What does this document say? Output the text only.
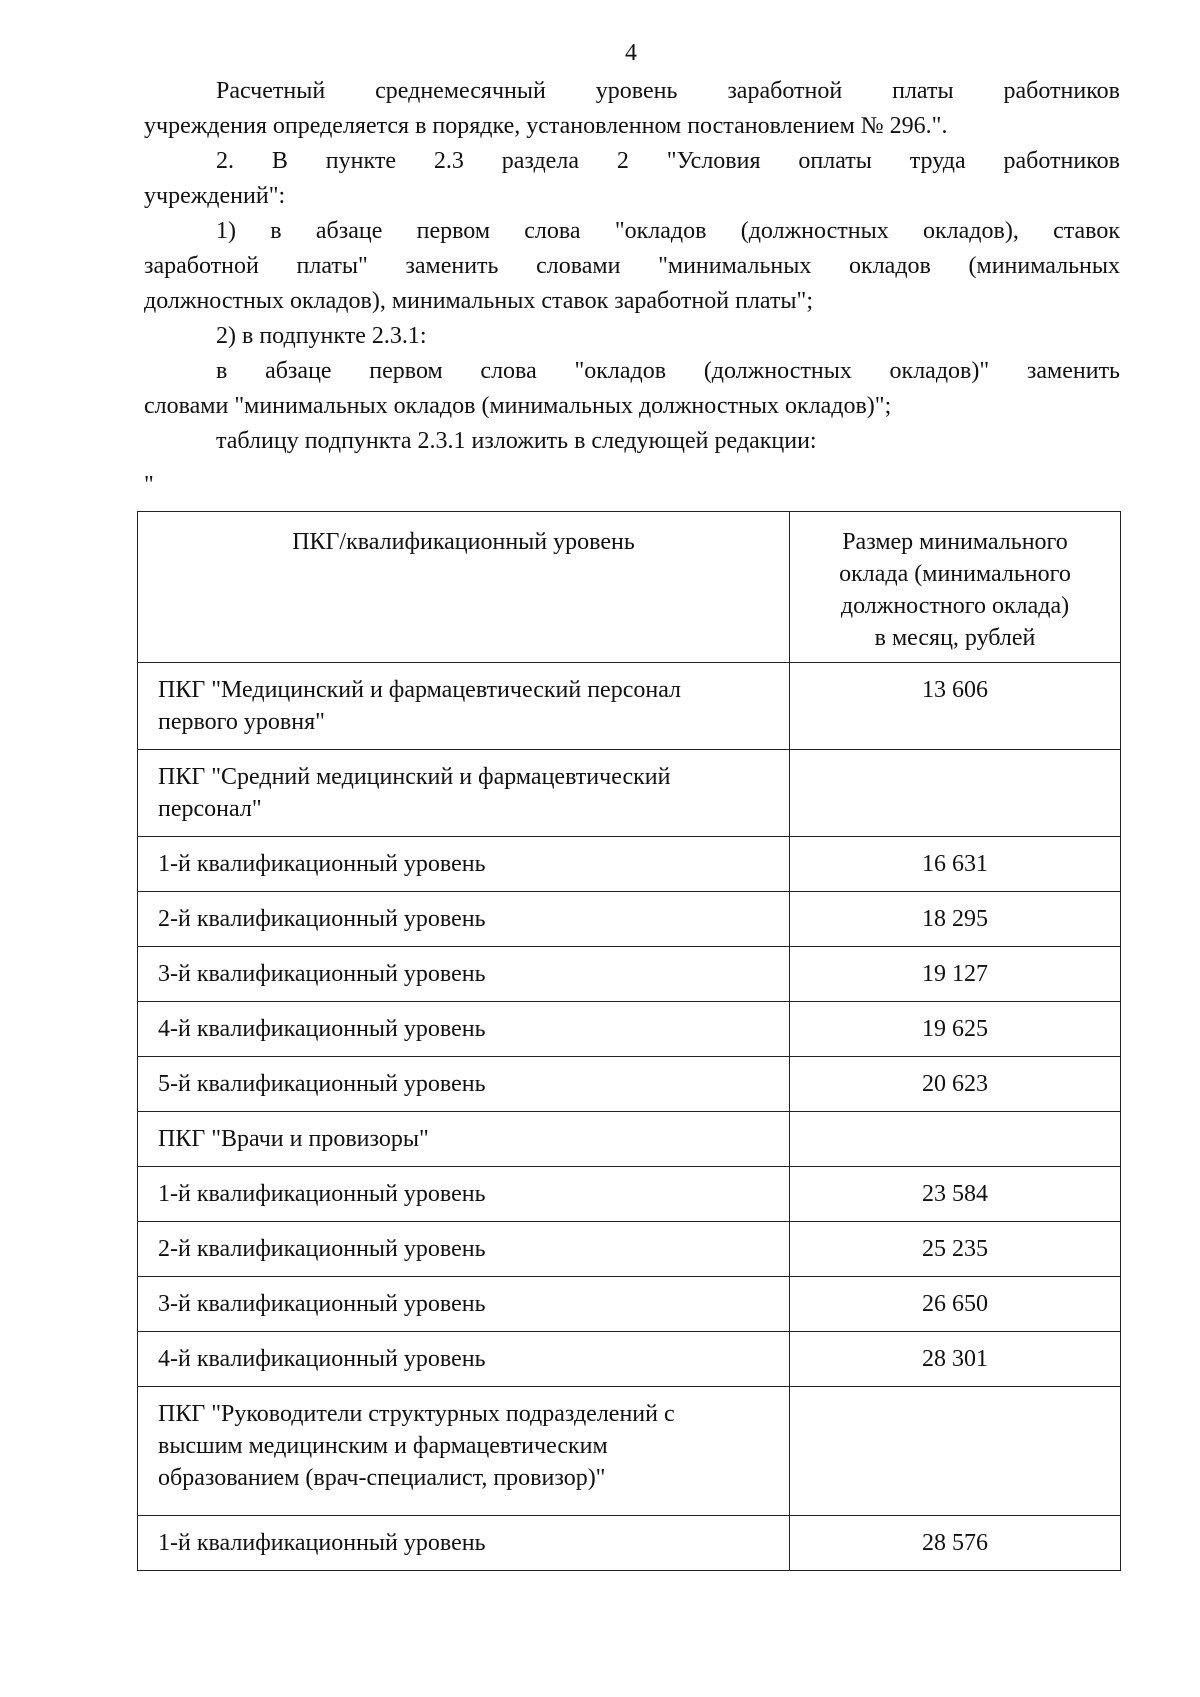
4
Расчетный среднемесячный уровень заработной платы работников
учреждения определяется в порядке, установленном постановлением № 296.".
2. В пункте 2.3 раздела 2 "Условия оплаты труда работников
учреждений":
1) в абзаце первом слова "окладов (должностных окладов), ставок
заработной платы" заменить словами "минимальных окладов (минимальных
должностных окладов), минимальных ставок заработной платы";
2) в подпункте 2.3.1:
в абзаце первом слова "окладов (должностных окладов)" заменить
словами "минимальных окладов (минимальных должностных окладов)";
таблицу подпункта 2.3.1 изложить в следующей редакции:
"
ПКГ/квалификационный уровень	Размер минимального
оклада (минимального
должностного оклада)
в месяц, рублей

ПКГ "Медицинский и фармацевтический персонал
первого уровня"	13 606

ПКГ "Средний медицинский и фармацевтический
персонал"	

1-й квалификационный уровень	16 631

2-й квалификационный уровень	18 295

3-й квалификационный уровень	19 127

4-й квалификационный уровень	19 625

5-й квалификационный уровень	20 623

ПКГ "Врачи и провизоры"	

1-й квалификационный уровень	23 584

2-й квалификационный уровень	25 235

3-й квалификационный уровень	26 650

4-й квалификационный уровень	28 301

ПКГ "Руководители структурных подразделений с
высшим медицинским и фармацевтическим
образованием (врач-специалист, провизор)"	

1-й квалификационный уровень	28 576
